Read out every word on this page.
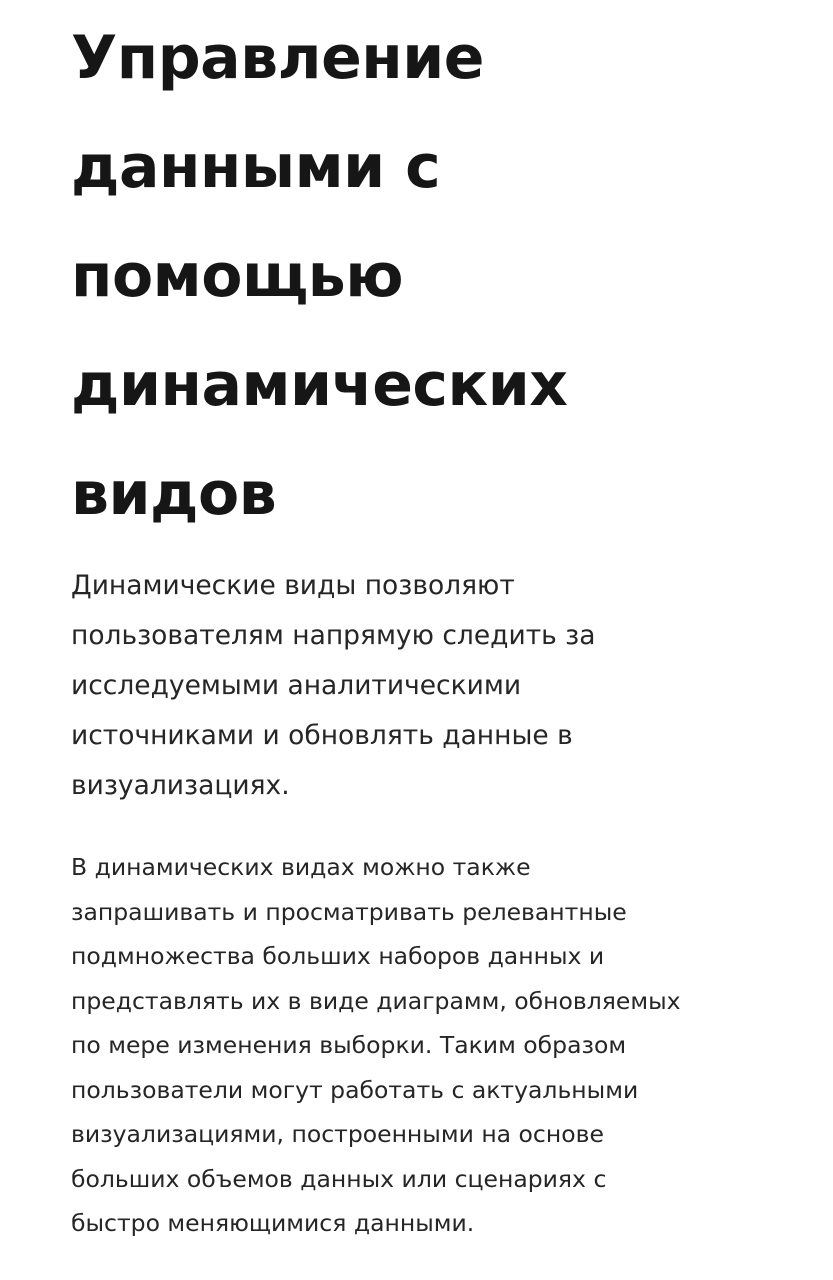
Управление
данными с
помощью
динамических
видов

Динамические виды позволяют
пользователям напрямую следить за
исследуемыми аналитическими
источниками и обновлять данные в
визуализациях.

В динамических видах можно также
запрашивать и просматривать релевантные
подмножества больших наборов данных и
представлять их в виде диаграмм, обновляемых
по мере изменения выборки. Таким образом
пользователи могут работать с актуальными
визуализациями, построенными на основе
больших объемов данных или сценариях с
быстро меняющимися данными.
